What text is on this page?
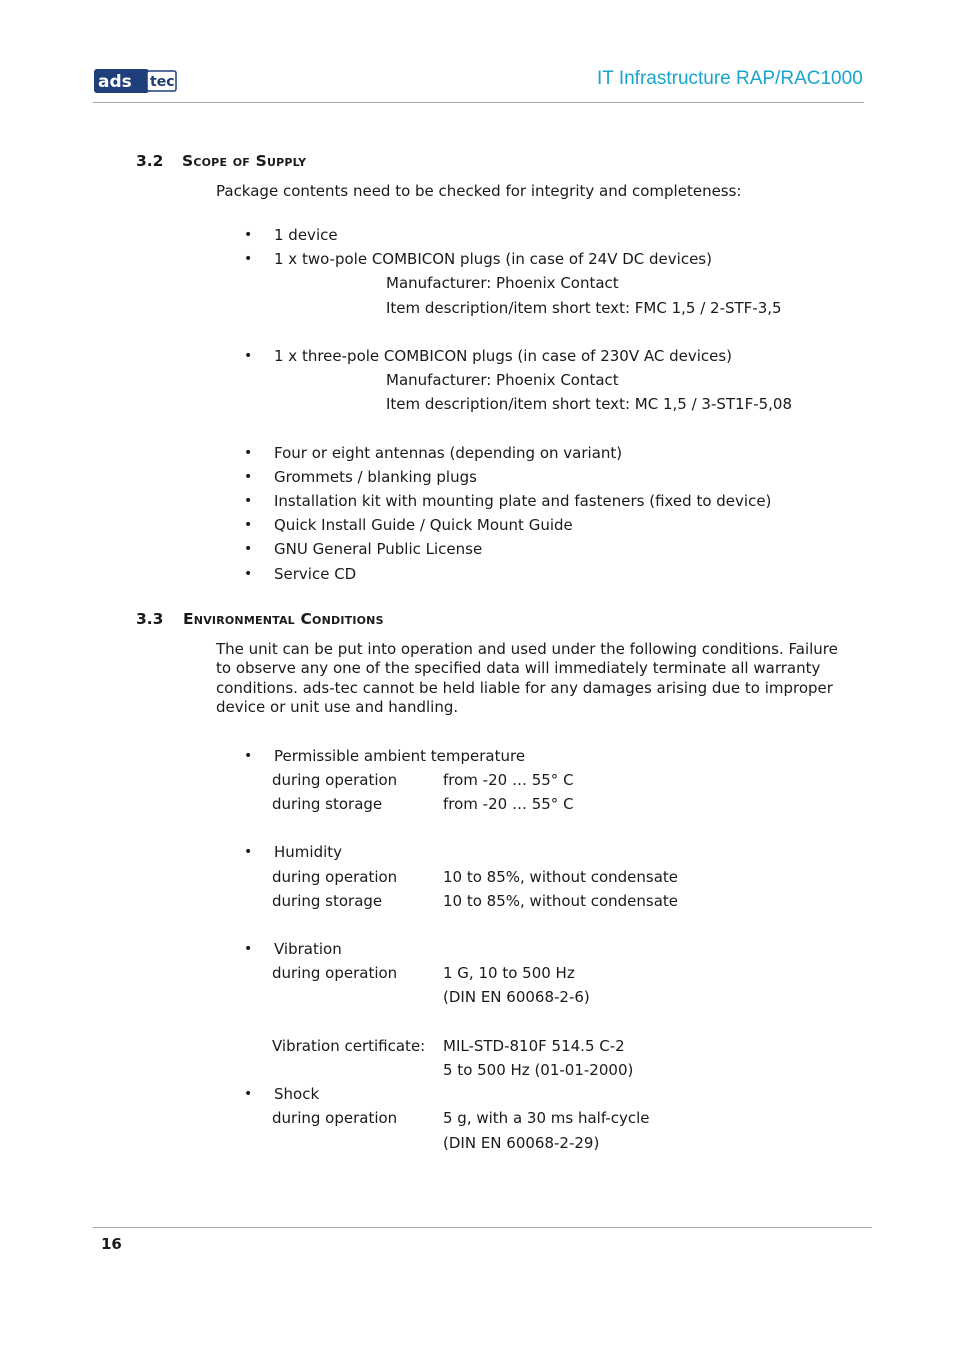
ads tec	IT Infrastructure RAP/RAC1000
3.2 Scope of Supply
Package contents need to be checked for integrity and completeness:
• 1 device
• 1 x two-pole COMBICON plugs (in case of 24V DC devices)
Manufacturer: Phoenix Contact
Item description/item short text: FMC 1,5 / 2-STF-3,5
• 1 x three-pole COMBICON plugs (in case of 230V AC devices)
Manufacturer: Phoenix Contact
Item description/item short text: MC 1,5 / 3-ST1F-5,08
• Four or eight antennas (depending on variant)
• Grommets / blanking plugs
• Installation kit with mounting plate and fasteners (fixed to device)
• Quick Install Guide / Quick Mount Guide
• GNU General Public License
• Service CD
3.3 Environmental Conditions
The unit can be put into operation and used under the following conditions. Failure to observe any one of the specified data will immediately terminate all warranty conditions. ads-tec cannot be held liable for any damages arising due to improper device or unit use and handling.
• Permissible ambient temperature
during operation	from -20 … 55° C
during storage	from -20 … 55° C
• Humidity
during operation	10 to 85%, without condensate
during storage	10 to 85%, without condensate
• Vibration
during operation	1 G, 10 to 500 Hz
(DIN EN 60068-2-6)
Vibration certificate: MIL-STD-810F 514.5 C-2
5 to 500 Hz (01-01-2000)
• Shock
during operation	5 g, with a 30 ms half-cycle
(DIN EN 60068-2-29)
16
